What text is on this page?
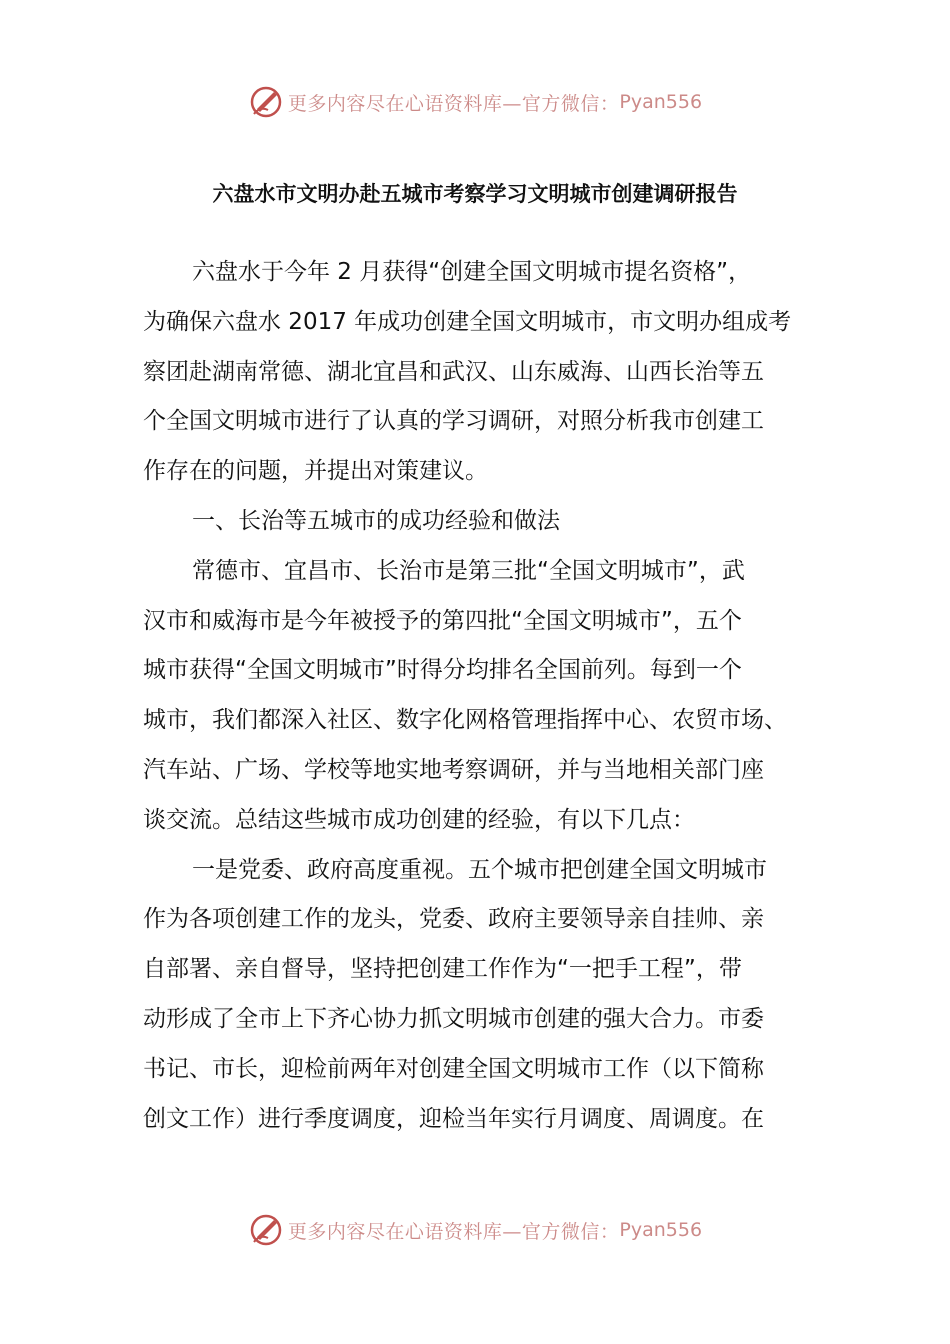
更多内容尽在心语资料库—官方微信： Pyan556
六盘水市文明办赴五城市考察学习文明城市创建调研报告
六盘水于今年 2 月获得“创建全国文明城市提名资格”，
为确保六盘水 2017 年成功创建全国文明城市，市文明办组成考
察团赴湖南常德、湖北宜昌和武汉、山东威海、山西长治等五
个全国文明城市进行了认真的学习调研，对照分析我市创建工
作存在的问题，并提出对策建议。
一、长治等五城市的成功经验和做法
常德市、宜昌市、长治市是第三批“全国文明城市”，武
汉市和威海市是今年被授予的第四批“全国文明城市”，五个
城市获得“全国文明城市”时得分均排名全国前列。每到一个
城市，我们都深入社区、数字化网格管理指挥中心、农贸市场、
汽车站、广场、学校等地实地考察调研，并与当地相关部门座
谈交流。总结这些城市成功创建的经验，有以下几点：
一是党委、政府高度重视。五个城市把创建全国文明城市
作为各项创建工作的龙头，党委、政府主要领导亲自挂帅、亲
自部署、亲自督导，坚持把创建工作作为“一把手工程”，带
动形成了全市上下齐心协力抓文明城市创建的强大合力。市委
书记、市长，迎检前两年对创建全国文明城市工作（以下简称
创文工作）进行季度调度，迎检当年实行月调度、周调度。在
更多内容尽在心语资料库—官方微信： Pyan556
